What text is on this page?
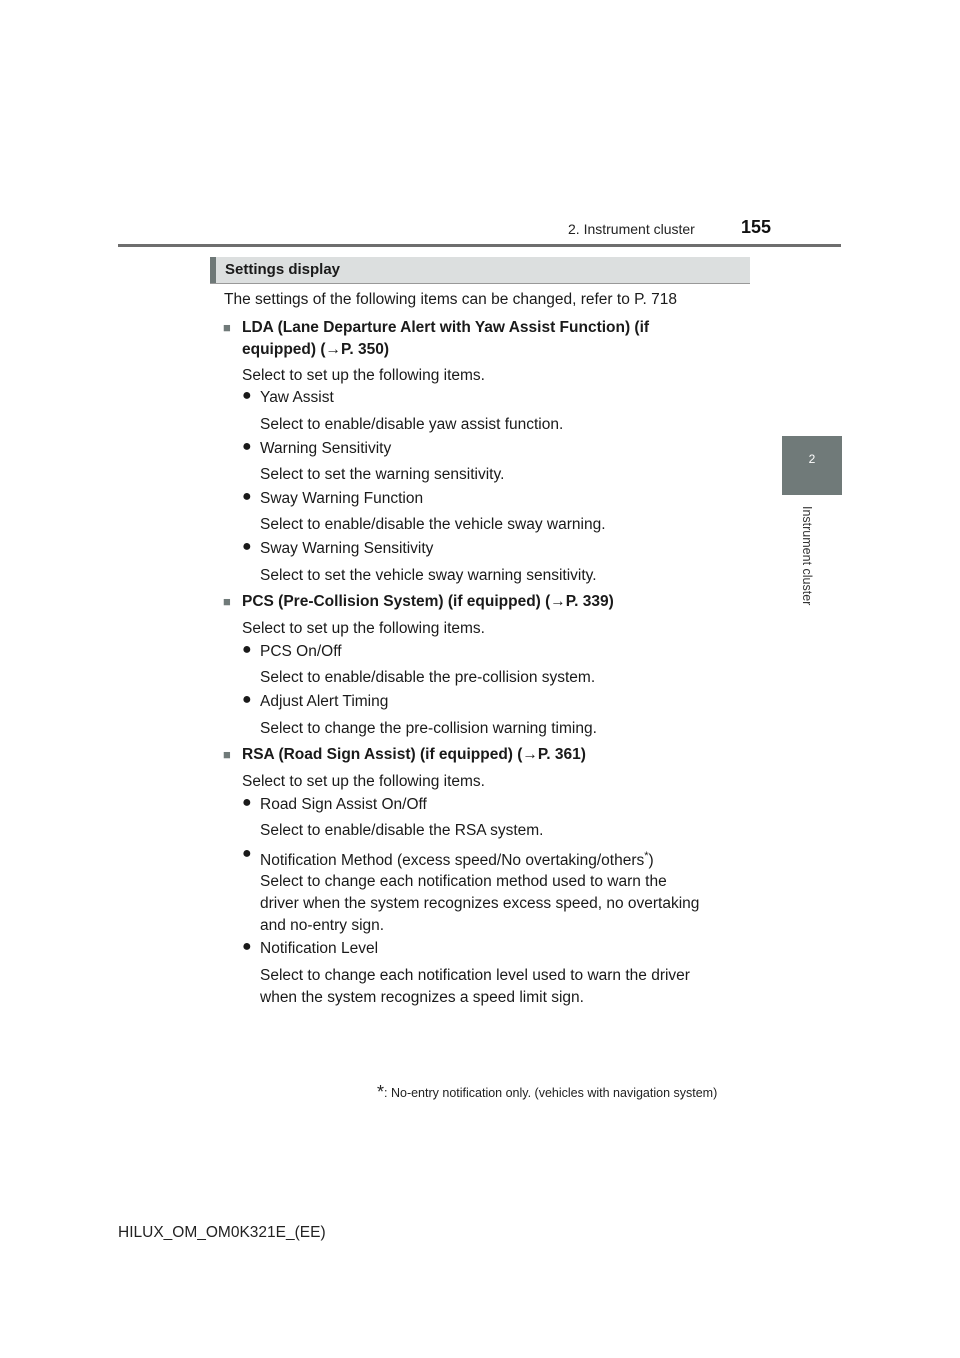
2. Instrument cluster	155
2
Instrument cluster
Settings display
The settings of the following items can be changed, refer to P. 718
■ LDA (Lane Departure Alert with Yaw Assist Function) (if
equipped) (→P. 350)
Select to set up the following items.
● Yaw Assist
Select to enable/disable yaw assist function.
● Warning Sensitivity
Select to set the warning sensitivity.
● Sway Warning Function
Select to enable/disable the vehicle sway warning.
● Sway Warning Sensitivity
Select to set the vehicle sway warning sensitivity.
■ PCS (Pre-Collision System) (if equipped) (→P. 339)
Select to set up the following items.
● PCS On/Off
Select to enable/disable the pre-collision system.
● Adjust Alert Timing
Select to change the pre-collision warning timing.
■ RSA (Road Sign Assist) (if equipped) (→P. 361)
Select to set up the following items.
● Road Sign Assist On/Off
Select to enable/disable the RSA system.
● Notification Method (excess speed/No overtaking/others*)
Select to change each notification method used to warn the
driver when the system recognizes excess speed, no overtaking
and no-entry sign.
● Notification Level
Select to change each notification level used to warn the driver
when the system recognizes a speed limit sign.
*: No-entry notification only. (vehicles with navigation system)
HILUX_OM_OM0K321E_(EE)
